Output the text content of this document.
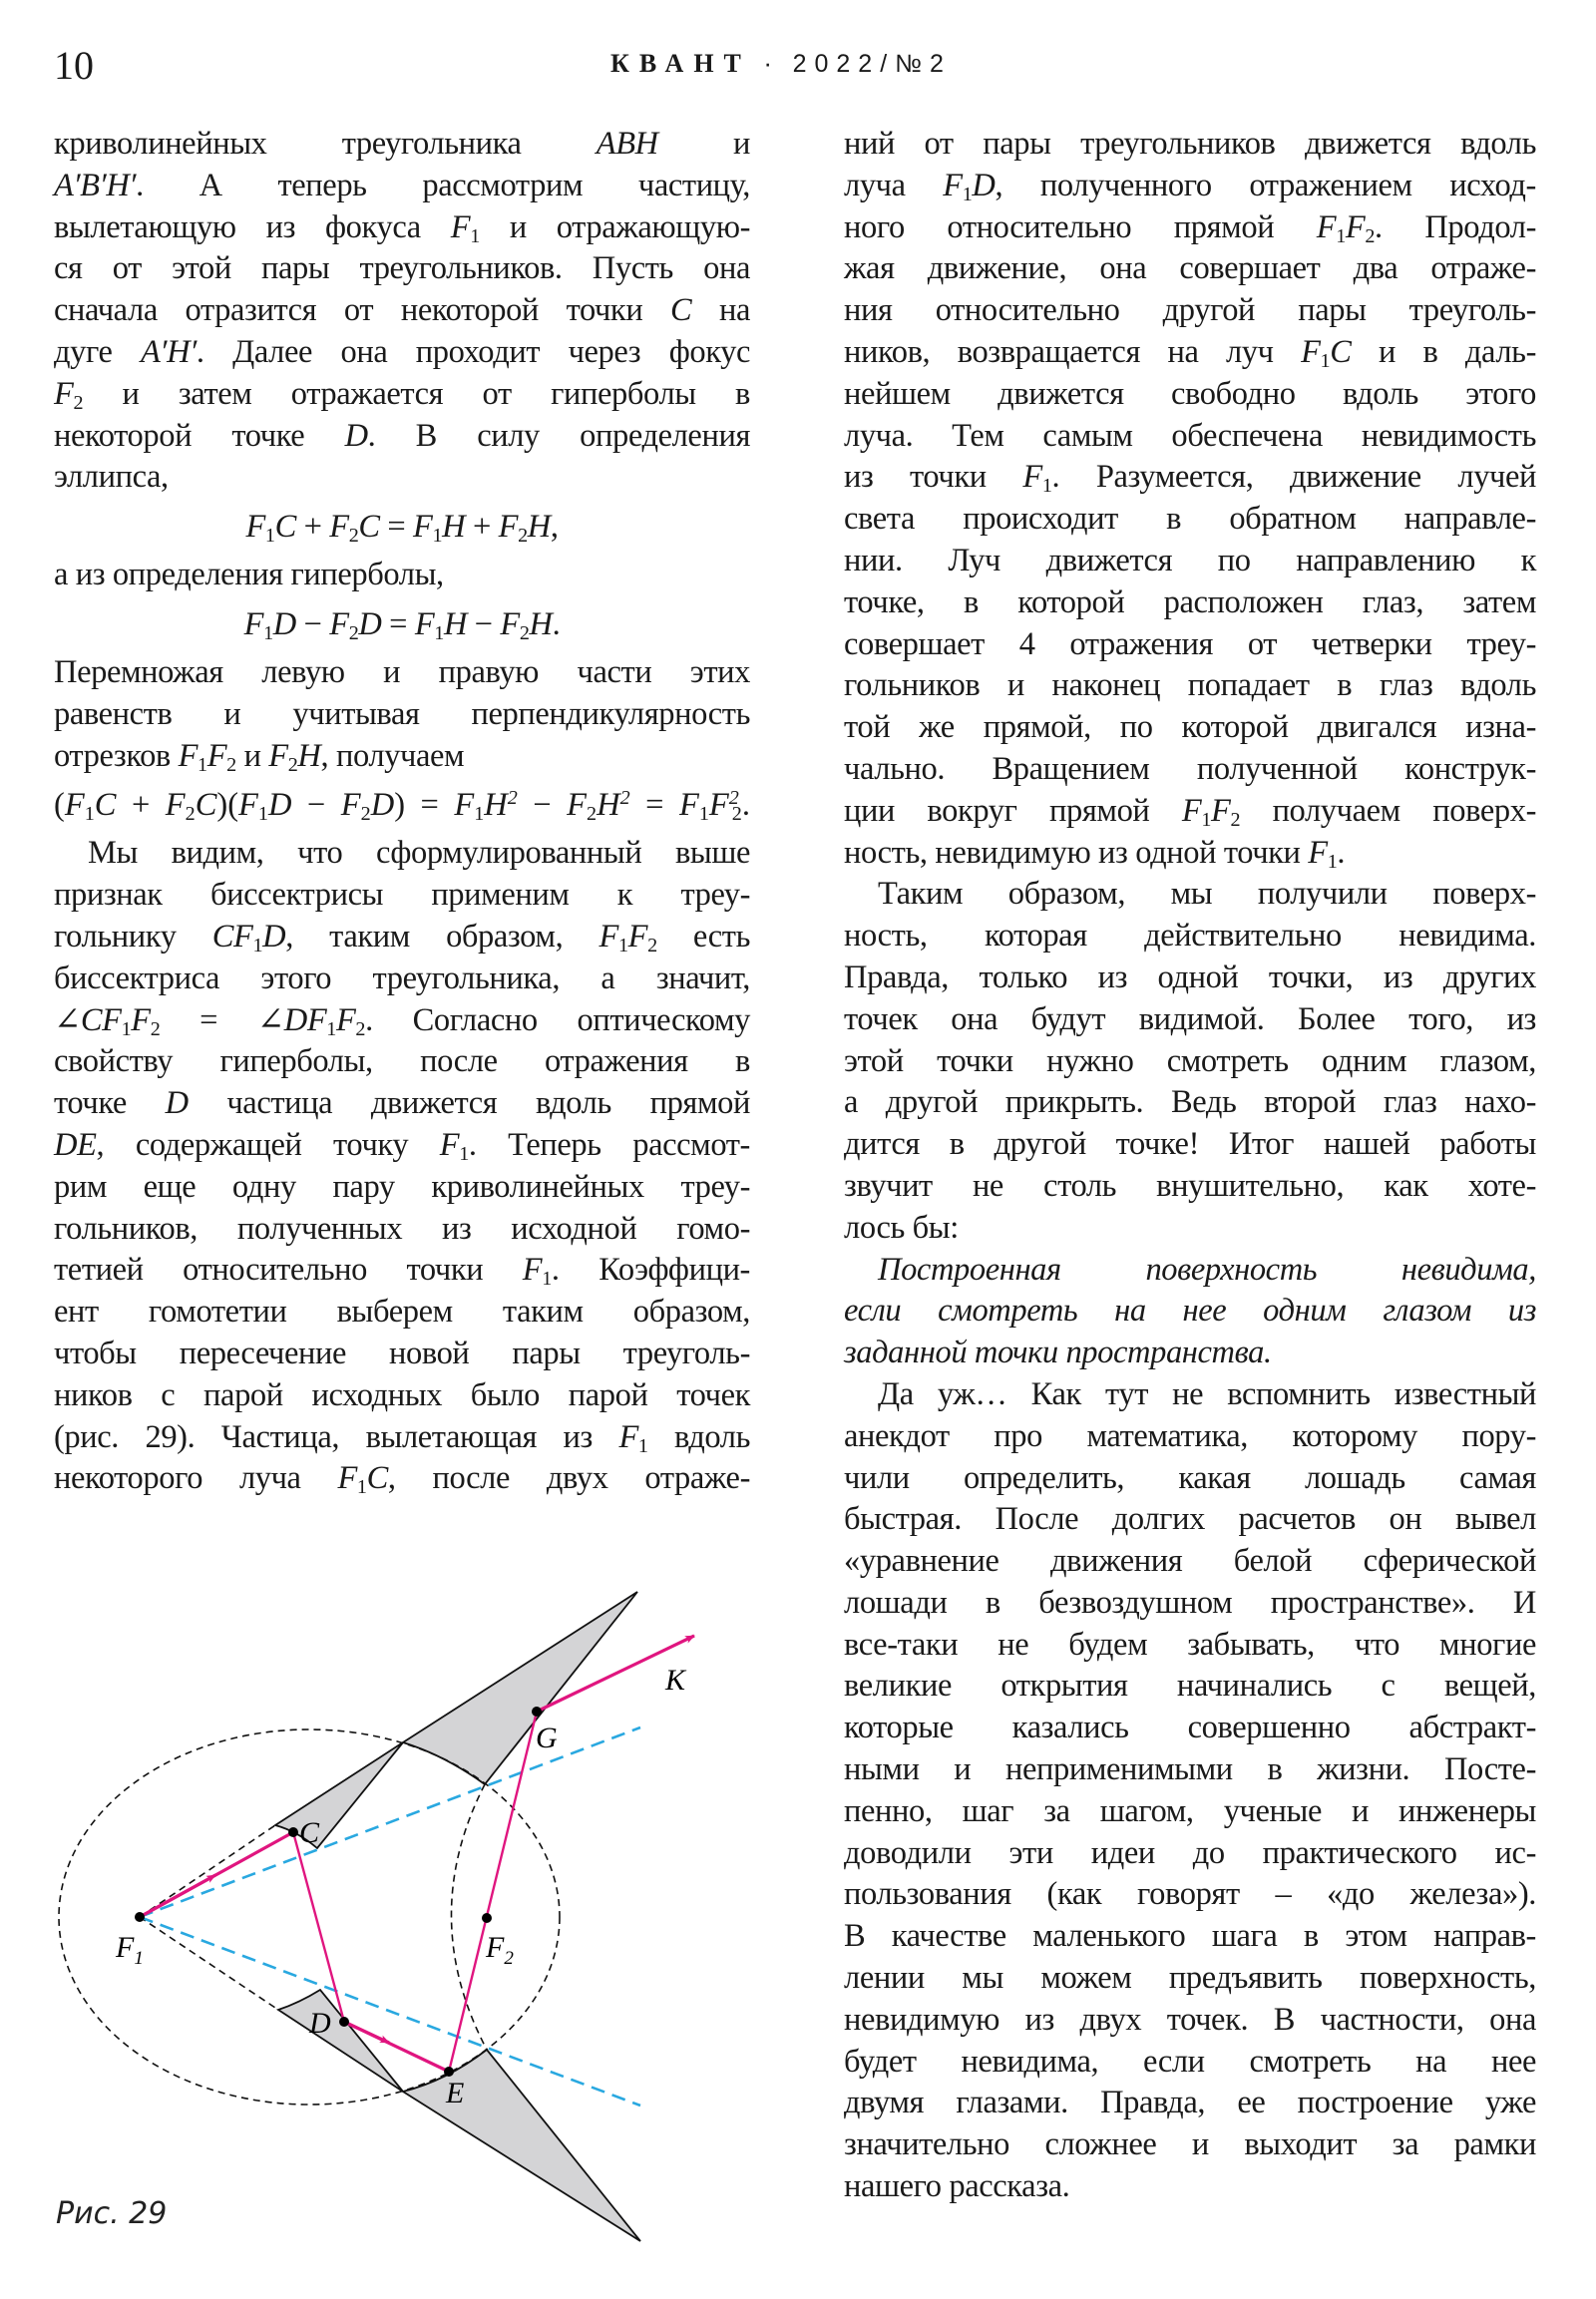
10	КВАНТ · 2022/№2
криволинейных треугольника ABH и
A′B′H′. А теперь рассмотрим частицу,
вылетающую из фокуса $F_1$ и отражающую-
ся от этой пары треугольников. Пусть она
сначала отразится от некоторой точки C на
дуге A′H′. Далее она проходит через фокус
$F_2$ и затем отражается от гиперболы в
некоторой точке D. В силу определения
эллипса,
$F_1C + F_2C = F_1H + F_2H$,
а из определения гиперболы,
$F_1D - F_2D = F_1H - F_2H$.
Перемножая левую и правую части этих
равенств и учитывая перпендикулярность
отрезков $F_1F_2$ и $F_2H$, получаем
$(F_1C + F_2C)(F_1D - F_2D) = F_1H^2 - F_2H^2 = F_1F^2_2$.
Мы видим, что сформулированный выше
признак биссектрисы применим к треу-
гольнику $CF_1D$, таким образом, $F_1F_2$ есть
биссектриса этого треугольника, а значит,
$\angle CF_1F_2$ = $\angle DF_1F_2$. Согласно оптическому
свойству гиперболы, после отражения в
точке D частица движется вдоль прямой
DE, содержащей точку $F_1$. Теперь рассмот-
рим еще одну пару криволинейных треу-
гольников, полученных из исходной гомо-
тетией относительно точки $F_1$. Коэффици-
ент гомотетии выберем таким образом,
чтобы пересечение новой пары треуголь-
ников с парой исходных было парой точек
(рис. 29). Частица, вылетающая из $F_1$ вдоль
некоторого луча $F_1C$, после двух отраже-
ний от пары треугольников движется вдоль
луча $F_1D$, полученного отражением исход-
ного относительно прямой $F_1F_2$. Продол-
жая движение, она совершает два отраже-
ния относительно другой пары треуголь-
ников, возвращается на луч $F_1C$ и в даль-
нейшем движется свободно вдоль этого
луча. Тем самым обеспечена невидимость
из точки $F_1$. Разумеется, движение лучей
света происходит в обратном направле-
нии. Луч движется по направлению к
точке, в которой расположен глаз, затем
совершает 4 отражения от четверки треу-
гольников и наконец попадает в глаз вдоль
той же прямой, по которой двигался изна-
чально. Вращением полученной конструк-
ции вокруг прямой $F_1F_2$ получаем поверх-
ность, невидимую из одной точки $F_1$.
Таким образом, мы получили поверх-
ность, которая действительно невидима.
Правда, только из одной точки, из других
точек она будут видимой. Более того, из
этой точки нужно смотреть одним глазом,
а другой прикрыть. Ведь второй глаз нахо-
дится в другой точке! Итог нашей работы
звучит не столь внушительно, как хоте-
лось бы:
Построенная поверхность невидима,
если смотреть на нее одним глазом из
заданной точки пространства.
Да уж… Как тут не вспомнить известный
анекдот про математика, которому пору-
чили определить, какая лошадь самая
быстрая. После долгих расчетов он вывел
«уравнение движения белой сферической
лошади в безвоздушном пространстве». И
все-таки не будем забывать, что многие
великие открытия начинались с вещей,
которые казались совершенно абстракт-
ными и неприменимыми в жизни. Посте-
пенно, шаг за шагом, ученые и инженеры
доводили эти идеи до практического ис-
пользования (как говорят – «до железа»).
В качестве маленького шага в этом направ-
лении мы можем предъявить поверхность,
невидимую из двух точек. В частности, она
будет невидима, если смотреть на нее
двумя глазами. Правда, ее построение уже
значительно сложнее и выходит за рамки
нашего рассказа.
$F_1$	$F_2$
C
D
E
G
K
Рис. 29
